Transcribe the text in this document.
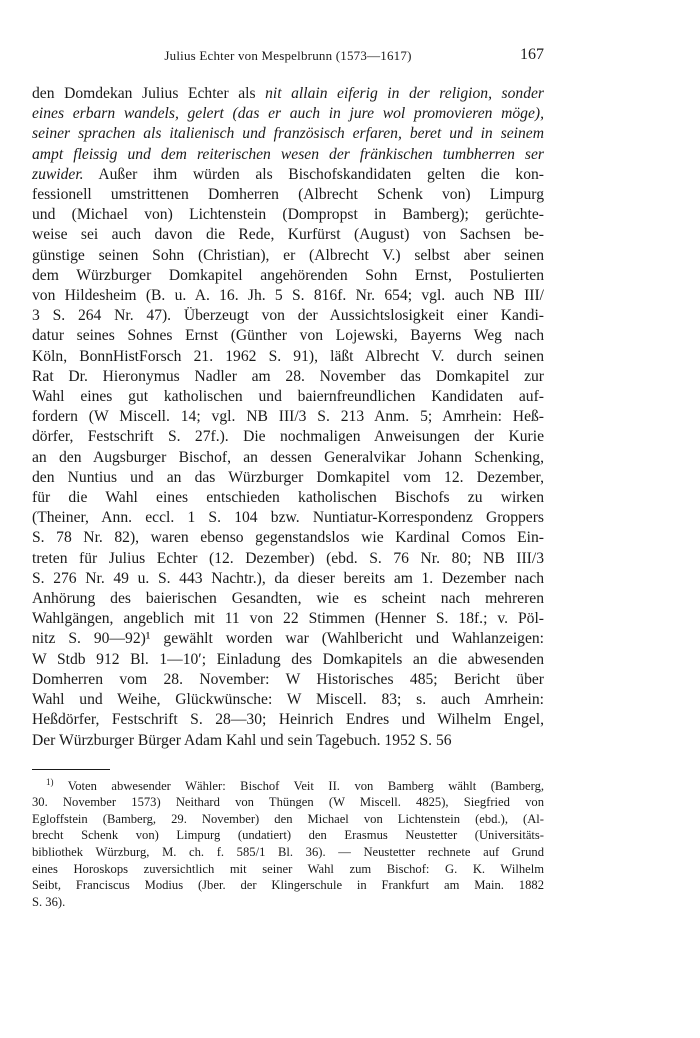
Julius Echter von Mespelbrunn (1573—1617)	167
den Domdekan Julius Echter als nit allain eiferig in der religion, sonder
eines erbarn wandels, gelert (das er auch in jure wol promovieren möge),
seiner sprachen als italienisch und französisch erfaren, beret und in seinem
ampt fleissig und dem reiterischen wesen der fränkischen tumbherren ser
zuwider. Außer ihm würden als Bischofskandidaten gelten die kon-
fessionell umstrittenen Domherren (Albrecht Schenk von) Limpurg
und (Michael von) Lichtenstein (Dompropst in Bamberg); gerüchte-
weise sei auch davon die Rede, Kurfürst (August) von Sachsen be-
günstige seinen Sohn (Christian), er (Albrecht V.) selbst aber seinen
dem Würzburger Domkapitel angehörenden Sohn Ernst, Postulierten
von Hildesheim (B. u. A. 16. Jh. 5 S. 816f. Nr. 654; vgl. auch NB III/
3 S. 264 Nr. 47). Überzeugt von der Aussichtslosigkeit einer Kandi-
datur seines Sohnes Ernst (Günther von Lojewski, Bayerns Weg nach
Köln, BonnHistForsch 21. 1962 S. 91), läßt Albrecht V. durch seinen
Rat Dr. Hieronymus Nadler am 28. November das Domkapitel zur
Wahl eines gut katholischen und baiernfreundlichen Kandidaten auf-
fordern (W Miscell. 14; vgl. NB III/3 S. 213 Anm. 5; Amrhein: Heß-
dörfer, Festschrift S. 27f.). Die nochmaligen Anweisungen der Kurie
an den Augsburger Bischof, an dessen Generalvikar Johann Schenking,
den Nuntius und an das Würzburger Domkapitel vom 12. Dezember,
für die Wahl eines entschieden katholischen Bischofs zu wirken
(Theiner, Ann. eccl. 1 S. 104 bzw. Nuntiatur-Korrespondenz Groppers
S. 78 Nr. 82), waren ebenso gegenstandslos wie Kardinal Comos Ein-
treten für Julius Echter (12. Dezember) (ebd. S. 76 Nr. 80; NB III/3
S. 276 Nr. 49 u. S. 443 Nachtr.), da dieser bereits am 1. Dezember nach
Anhörung des baierischen Gesandten, wie es scheint nach mehreren
Wahlgängen, angeblich mit 11 von 22 Stimmen (Henner S. 18f.; v. Pöl-
nitz S. 90—92)¹ gewählt worden war (Wahlbericht und Wahlanzeigen:
W Stdb 912 Bl. 1—10′; Einladung des Domkapitels an die abwesenden
Domherren vom 28. November: W Historisches 485; Bericht über
Wahl und Weihe, Glückwünsche: W Miscell. 83; s. auch Amrhein:
Heßdörfer, Festschrift S. 28—30; Heinrich Endres und Wilhelm Engel,
Der Würzburger Bürger Adam Kahl und sein Tagebuch. 1952 S. 56
$^{1)}$ Voten abwesender Wähler: Bischof Veit II. von Bamberg wählt (Bamberg,
30. November 1573) Neithard von Thüngen (W Miscell. 4825), Siegfried von
Egloffstein (Bamberg, 29. November) den Michael von Lichtenstein (ebd.), (Al-
brecht Schenk von) Limpurg (undatiert) den Erasmus Neustetter (Universitäts-
bibliothek Würzburg, M. ch. f. 585/1 Bl. 36). — Neustetter rechnete auf Grund
eines Horoskops zuversichtlich mit seiner Wahl zum Bischof: G. K. Wilhelm
Seibt, Franciscus Modius (Jber. der Klingerschule in Frankfurt am Main. 1882
S. 36).
